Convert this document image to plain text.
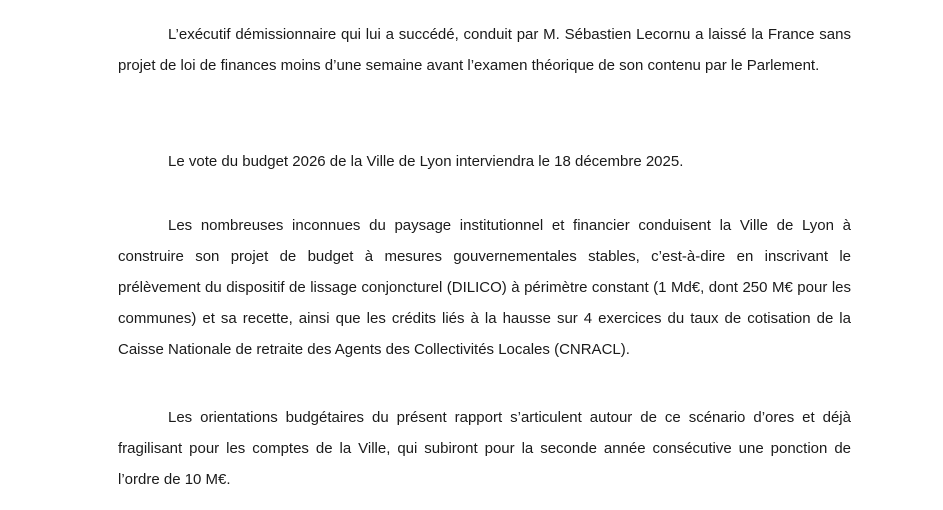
L’exécutif démissionnaire qui lui a succédé, conduit par M. Sébastien Lecornu a laissé la France sans projet de loi de finances moins d’une semaine avant l’examen théorique de son contenu par le Parlement.

Le vote du budget 2026 de la Ville de Lyon interviendra le 18 décembre 2025.

Les nombreuses inconnues du paysage institutionnel et financier conduisent la Ville de Lyon à construire son projet de budget à mesures gouvernementales stables, c’est-à-dire en inscrivant le prélèvement du dispositif de lissage conjoncturel (DILICO) à périmètre constant (1 Md€, dont 250 M€ pour les communes) et sa recette, ainsi que les crédits liés à la hausse sur 4 exercices du taux de cotisation de la Caisse Nationale de retraite des Agents des Collectivités Locales (CNRACL).

Les orientations budgétaires du présent rapport s’articulent autour de ce scénario d’ores et déjà fragilisant pour les comptes de la Ville, qui subiront pour la seconde année consécutive une ponction de l’ordre de 10 M€.
